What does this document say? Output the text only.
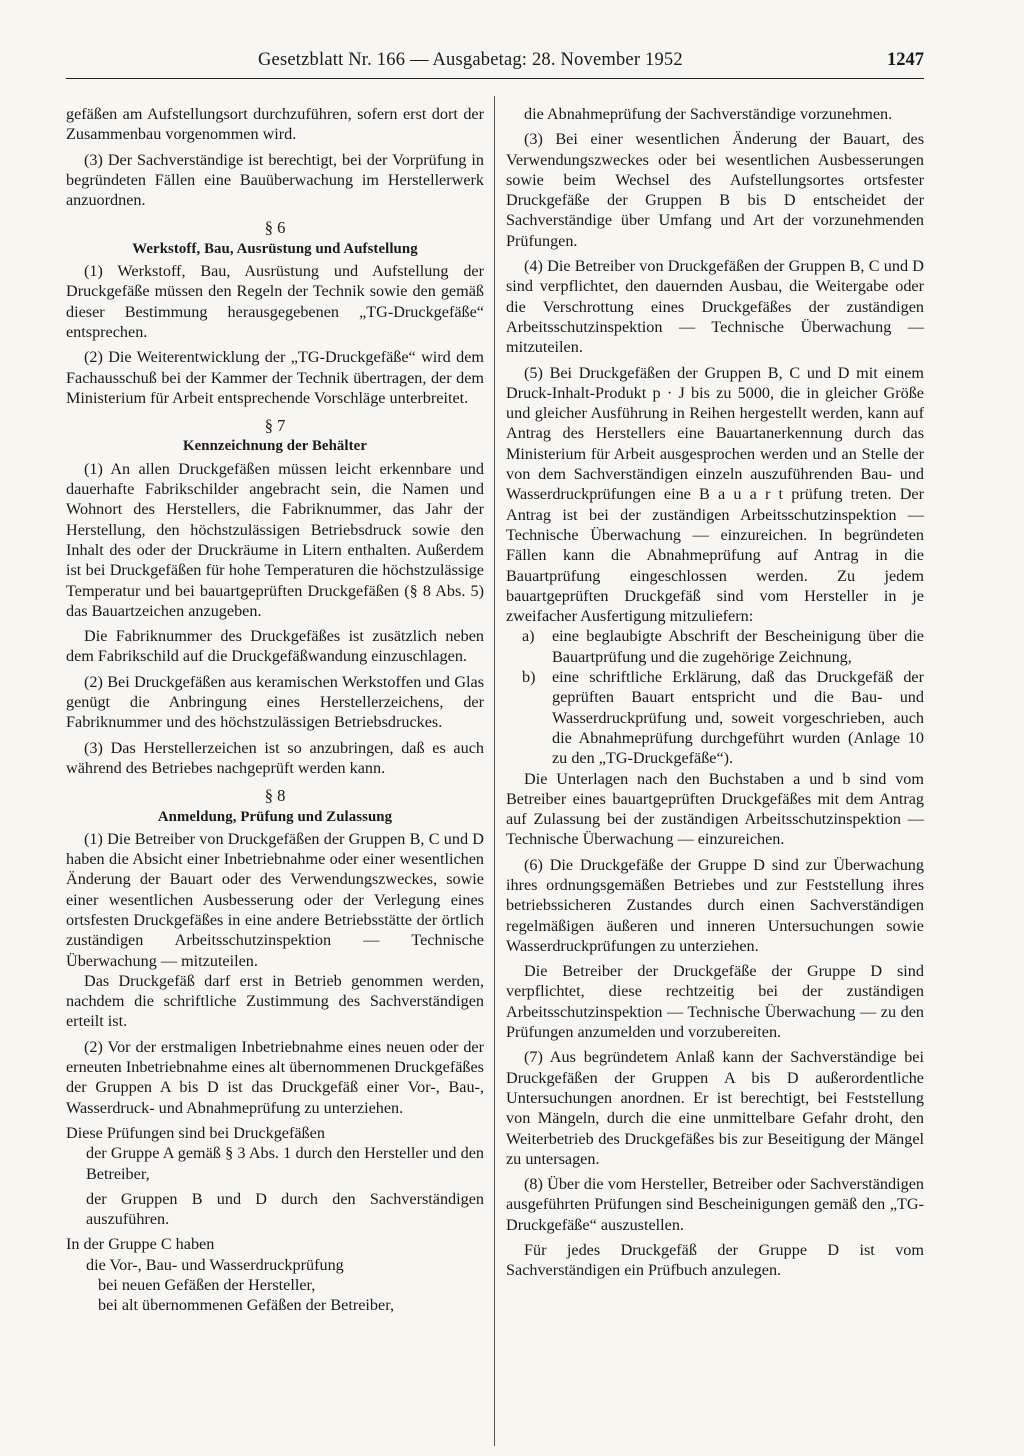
Gesetzblatt Nr. 166 — Ausgabetag: 28. November 1952	1247
gefäßen am Aufstellungsort durchzuführen, sofern erst dort der Zusammenbau vorgenommen wird.
(3) Der Sachverständige ist berechtigt, bei der Vorprüfung in begründeten Fällen eine Bauüberwachung im Herstellerwerk anzuordnen.
§ 6
Werkstoff, Bau, Ausrüstung und Aufstellung
(1) Werkstoff, Bau, Ausrüstung und Aufstellung der Druckgefäße müssen den Regeln der Technik sowie den gemäß dieser Bestimmung herausgegebenen „TG-Druckgefäße“ entsprechen.
(2) Die Weiterentwicklung der „TG-Druckgefäße“ wird dem Fachausschuß bei der Kammer der Technik übertragen, der dem Ministerium für Arbeit entsprechende Vorschläge unterbreitet.
§ 7
Kennzeichnung der Behälter
(1) An allen Druckgefäßen müssen leicht erkennbare und dauerhafte Fabrikschilder angebracht sein, die Namen und Wohnort des Herstellers, die Fabriknummer, das Jahr der Herstellung, den höchstzulässigen Betriebsdruck sowie den Inhalt des oder der Druckräume in Litern enthalten. Außerdem ist bei Druckgefäßen für hohe Temperaturen die höchstzulässige Temperatur und bei bauartgeprüften Druckgefäßen (§ 8 Abs. 5) das Bauartzeichen anzugeben.
Die Fabriknummer des Druckgefäßes ist zusätzlich neben dem Fabrikschild auf die Druckgefäßwandung einzuschlagen.
(2) Bei Druckgefäßen aus keramischen Werkstoffen und Glas genügt die Anbringung eines Herstellerzeichens, der Fabriknummer und des höchstzulässigen Betriebsdruckes.
(3) Das Herstellerzeichen ist so anzubringen, daß es auch während des Betriebes nachgeprüft werden kann.
§ 8
Anmeldung, Prüfung und Zulassung
(1) Die Betreiber von Druckgefäßen der Gruppen B, C und D haben die Absicht einer Inbetriebnahme oder einer wesentlichen Änderung der Bauart oder des Verwendungszweckes, sowie einer wesentlichen Ausbesserung oder der Verlegung eines ortsfesten Druckgefäßes in eine andere Betriebsstätte der örtlich zuständigen Arbeitsschutzinspektion — Technische Überwachung — mitzuteilen.
Das Druckgefäß darf erst in Betrieb genommen werden, nachdem die schriftliche Zustimmung des Sachverständigen erteilt ist.
(2) Vor der erstmaligen Inbetriebnahme eines neuen oder der erneuten Inbetriebnahme eines alt übernommenen Druckgefäßes der Gruppen A bis D ist das Druckgefäß einer Vor-, Bau-, Wasserdruck- und Abnahmeprüfung zu unterziehen.
Diese Prüfungen sind bei Druckgefäßen
der Gruppe A gemäß § 3 Abs. 1 durch den Hersteller und den Betreiber,
der Gruppen B und D durch den Sachverständigen auszuführen.
In der Gruppe C haben
die Vor-, Bau- und Wasserdruckprüfung
bei neuen Gefäßen der Hersteller,
bei alt übernommenen Gefäßen der Betreiber,
die Abnahmeprüfung der Sachverständige vorzunehmen.
(3) Bei einer wesentlichen Änderung der Bauart, des Verwendungszweckes oder bei wesentlichen Ausbesserungen sowie beim Wechsel des Aufstellungsortes ortsfester Druckgefäße der Gruppen B bis D entscheidet der Sachverständige über Umfang und Art der vorzunehmenden Prüfungen.
(4) Die Betreiber von Druckgefäßen der Gruppen B, C und D sind verpflichtet, den dauernden Ausbau, die Weitergabe oder die Verschrottung eines Druckgefäßes der zuständigen Arbeitsschutzinspektion — Technische Überwachung — mitzuteilen.
(5) Bei Druckgefäßen der Gruppen B, C und D mit einem Druck-Inhalt-Produkt p · J bis zu 5000, die in gleicher Größe und gleicher Ausführung in Reihen hergestellt werden, kann auf Antrag des Herstellers eine Bauartanerkennung durch das Ministerium für Arbeit ausgesprochen werden und an Stelle der von dem Sachverständigen einzeln auszuführenden Bau- und Wasserdruckprüfungen eine B a u a r t prüfung treten. Der Antrag ist bei der zuständigen Arbeitsschutzinspektion — Technische Überwachung — einzureichen. In begründeten Fällen kann die Abnahmeprüfung auf Antrag in die Bauartprüfung eingeschlossen werden. Zu jedem bauartgeprüften Druckgefäß sind vom Hersteller in je zweifacher Ausfertigung mitzuliefern:
a)	eine beglaubigte Abschrift der Bescheinigung über die Bauartprüfung und die zugehörige Zeichnung,
b)	eine schriftliche Erklärung, daß das Druckgefäß der geprüften Bauart entspricht und die Bau- und Wasserdruckprüfung und, soweit vorgeschrieben, auch die Abnahmeprüfung durchgeführt wurden (Anlage 10 zu den „TG-Druckgefäße“).
Die Unterlagen nach den Buchstaben a und b sind vom Betreiber eines bauartgeprüften Druckgefäßes mit dem Antrag auf Zulassung bei der zuständigen Arbeitsschutzinspektion — Technische Überwachung — einzureichen.
(6) Die Druckgefäße der Gruppe D sind zur Überwachung ihres ordnungsgemäßen Betriebes und zur Feststellung ihres betriebssicheren Zustandes durch einen Sachverständigen regelmäßigen äußeren und inneren Untersuchungen sowie Wasserdruckprüfungen zu unterziehen.
Die Betreiber der Druckgefäße der Gruppe D sind verpflichtet, diese rechtzeitig bei der zuständigen Arbeitsschutzinspektion — Technische Überwachung — zu den Prüfungen anzumelden und vorzubereiten.
(7) Aus begründetem Anlaß kann der Sachverständige bei Druckgefäßen der Gruppen A bis D außerordentliche Untersuchungen anordnen. Er ist berechtigt, bei Feststellung von Mängeln, durch die eine unmittelbare Gefahr droht, den Weiterbetrieb des Druckgefäßes bis zur Beseitigung der Mängel zu untersagen.
(8) Über die vom Hersteller, Betreiber oder Sachverständigen ausgeführten Prüfungen sind Bescheinigungen gemäß den „TG-Druckgefäße“ auszustellen.
Für jedes Druckgefäß der Gruppe D ist vom Sachverständigen ein Prüfbuch anzulegen.
